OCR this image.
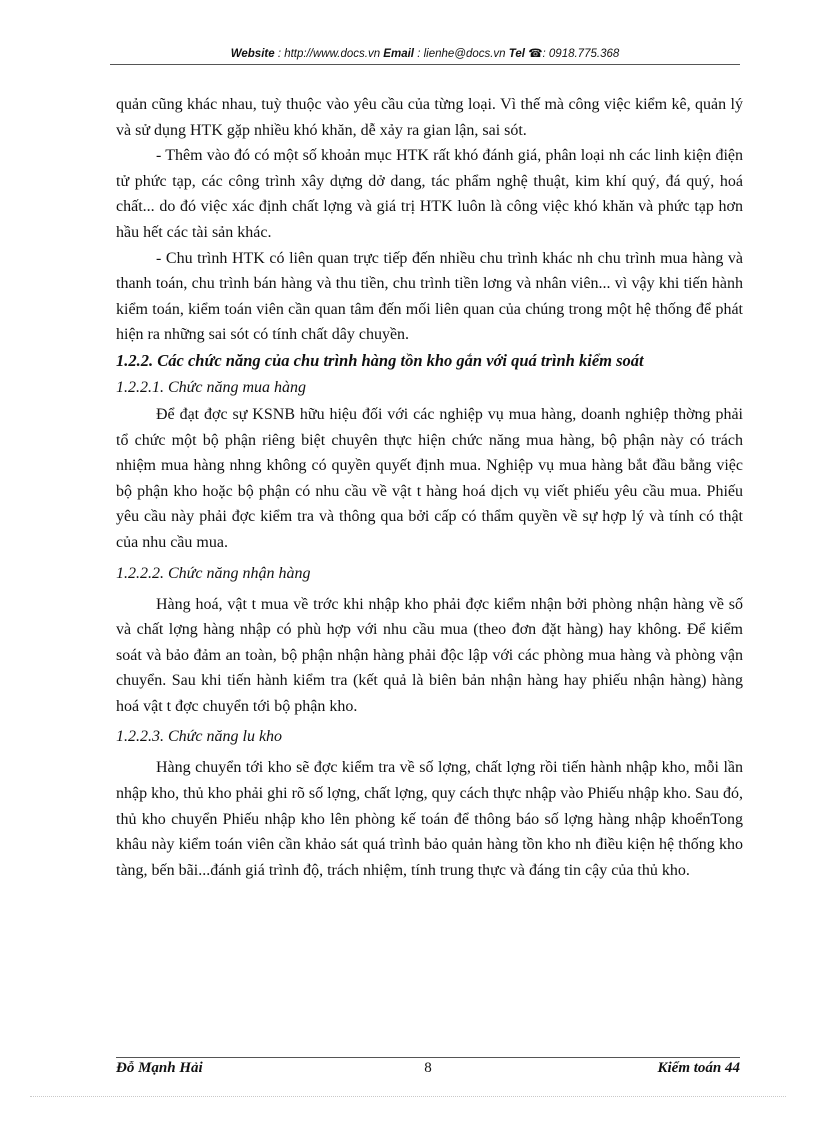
Website : http://www.docs.vn Email : lienhe@docs.vn Tel ☎: 0918.775.368

quản cũng khác nhau, tuỳ thuộc vào yêu cầu của từng loại. Vì thế mà công việc kiểm kê, quản lý và sử dụng HTK gặp nhiều khó khăn, dễ xảy ra gian lận, sai sót.

- Thêm vào đó có một số khoản mục HTK rất khó đánh giá, phân loại nh các linh kiện điện tử phức tạp, các công trình xây dựng dở dang, tác phẩm nghệ thuật, kim khí quý, đá quý, hoá chất... do đó việc xác định chất lợng và giá trị HTK luôn là công việc khó khăn và phức tạp hơn hầu hết các tài sản khác.

- Chu trình HTK có liên quan trực tiếp đến nhiều chu trình khác nh chu trình mua hàng và thanh toán, chu trình bán hàng và thu tiền, chu trình tiền lơng và nhân viên... vì vậy khi tiến hành kiểm toán, kiểm toán viên cần quan tâm đến mối liên quan của chúng trong một hệ thống để phát hiện ra những sai sót có tính chất dây chuyền.

1.2.2. Các chức năng của chu trình hàng tồn kho gắn với quá trình kiểm soát

1.2.2.1. Chức năng mua hàng

Để đạt đợc sự KSNB hữu hiệu đối với các nghiệp vụ mua hàng, doanh nghiệp thờng phải tổ chức một bộ phận riêng biệt chuyên thực hiện chức năng mua hàng, bộ phận này có trách nhiệm mua hàng nhng không có quyền quyết định mua. Nghiệp vụ mua hàng bắt đầu bằng việc bộ phận kho hoặc bộ phận có nhu cầu về vật t hàng hoá dịch vụ viết phiếu yêu cầu mua. Phiếu yêu cầu này phải đợc kiểm tra và thông qua bởi cấp có thẩm quyền về sự hợp lý và tính có thật của nhu cầu mua.

1.2.2.2. Chức năng nhận hàng

Hàng hoá, vật t mua về trớc khi nhập kho phải đợc kiểm nhận bởi phòng nhận hàng về số và chất lợng hàng nhập có phù hợp với nhu cầu mua (theo đơn đặt hàng) hay không. Để kiểm soát và bảo đảm an toàn, bộ phận nhận hàng phải độc lập với các phòng mua hàng và phòng vận chuyển. Sau khi tiến hành kiểm tra (kết quả là biên bản nhận hàng hay phiếu nhận hàng) hàng hoá vật t đợc chuyển tới bộ phận kho.

1.2.2.3. Chức năng lu kho

Hàng chuyển tới kho sẽ đợc kiểm tra về số lợng, chất lợng rồi tiến hành nhập kho, mỗi lần nhập kho, thủ kho phải ghi rõ số lợng, chất lợng, quy cách thực nhập vào Phiếu nhập kho. Sau đó, thủ kho chuyển Phiếu nhập kho lên phòng kế toán để thông báo số lợng hàng nhập khoểnTong khâu này kiểm toán viên cần khảo sát quá trình bảo quản hàng tồn kho nh điều kiện hệ thống kho tàng, bến bãi...đánh giá trình độ, trách nhiệm, tính trung thực và đáng tin cậy của thủ kho.

Đỗ Mạnh Hải	8	Kiểm toán 44
